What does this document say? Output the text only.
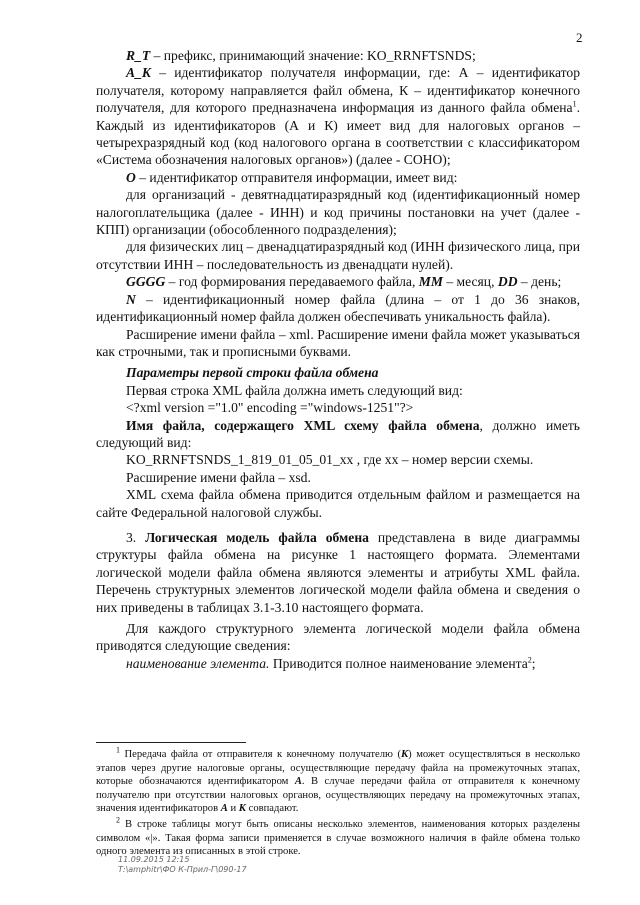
2

R_T – префикс, принимающий значение: KO_RRNFTSNDS;

A_K – идентификатор получателя информации, где: А – идентификатор получателя, которому направляется файл обмена, К – идентификатор конечного получателя, для которого предназначена информация из данного файла обмена$^1$. Каждый из идентификаторов (А и К) имеет вид для налоговых органов – четырехразрядный код (код налогового органа в соответствии с классификатором «Система обозначения налоговых органов») (далее - СОНО);

O – идентификатор отправителя информации, имеет вид:

для организаций - девятнадцатиразрядный код (идентификационный номер налогоплательщика (далее - ИНН) и код причины постановки на учет (далее - КПП) организации (обособленного подразделения);

для физических лиц – двенадцатиразрядный код (ИНН физического лица, при отсутствии ИНН – последовательность из двенадцати нулей).

GGGG – год формирования передаваемого файла, MM – месяц, DD – день;

N – идентификационный номер файла (длина – от 1 до 36 знаков, идентификационный номер файла должен обеспечивать уникальность файла).

Расширение имени файла – xml. Расширение имени файла может указываться как строчными, так и прописными буквами.

Параметры первой строки файла обмена

Первая строка XML файла должна иметь следующий вид:

<?xml version ="1.0" encoding ="windows-1251"?>

Имя файла, содержащего XML схему файла обмена, должно иметь следующий вид:

KO_RRNFTSNDS_1_819_01_05_01_xx , где хх – номер версии схемы.

Расширение имени файла – xsd.

XML схема файла обмена приводится отдельным файлом и размещается на сайте Федеральной налоговой службы.

3. Логическая модель файла обмена представлена в виде диаграммы структуры файла обмена на рисунке 1 настоящего формата. Элементами логической модели файла обмена являются элементы и атрибуты XML файла. Перечень структурных элементов логической модели файла обмена и сведения о них приведены в таблицах 3.1-3.10 настоящего формата.

Для каждого структурного элемента логической модели файла обмена приводятся следующие сведения:

наименование элемента. Приводится полное наименование элемента$^2$;

$^1$ Передача файла от отправителя к конечному получателю (К) может осуществляться в несколько этапов через другие налоговые органы, осуществляющие передачу файла на промежуточных этапах, которые обозначаются идентификатором А. В случае передачи файла от отправителя к конечному получателю при отсутствии налоговых органов, осуществляющих передачу на промежуточных этапах, значения идентификаторов А и К совпадают.

$^2$ В строке таблицы могут быть описаны несколько элементов, наименования которых разделены символом «|». Такая форма записи применяется в случае возможного наличия в файле обмена только одного элемента из описанных в этой строке.

11.09.2015 12:15
Т:\amphitr\ФО К-Прил-Г\090-17
